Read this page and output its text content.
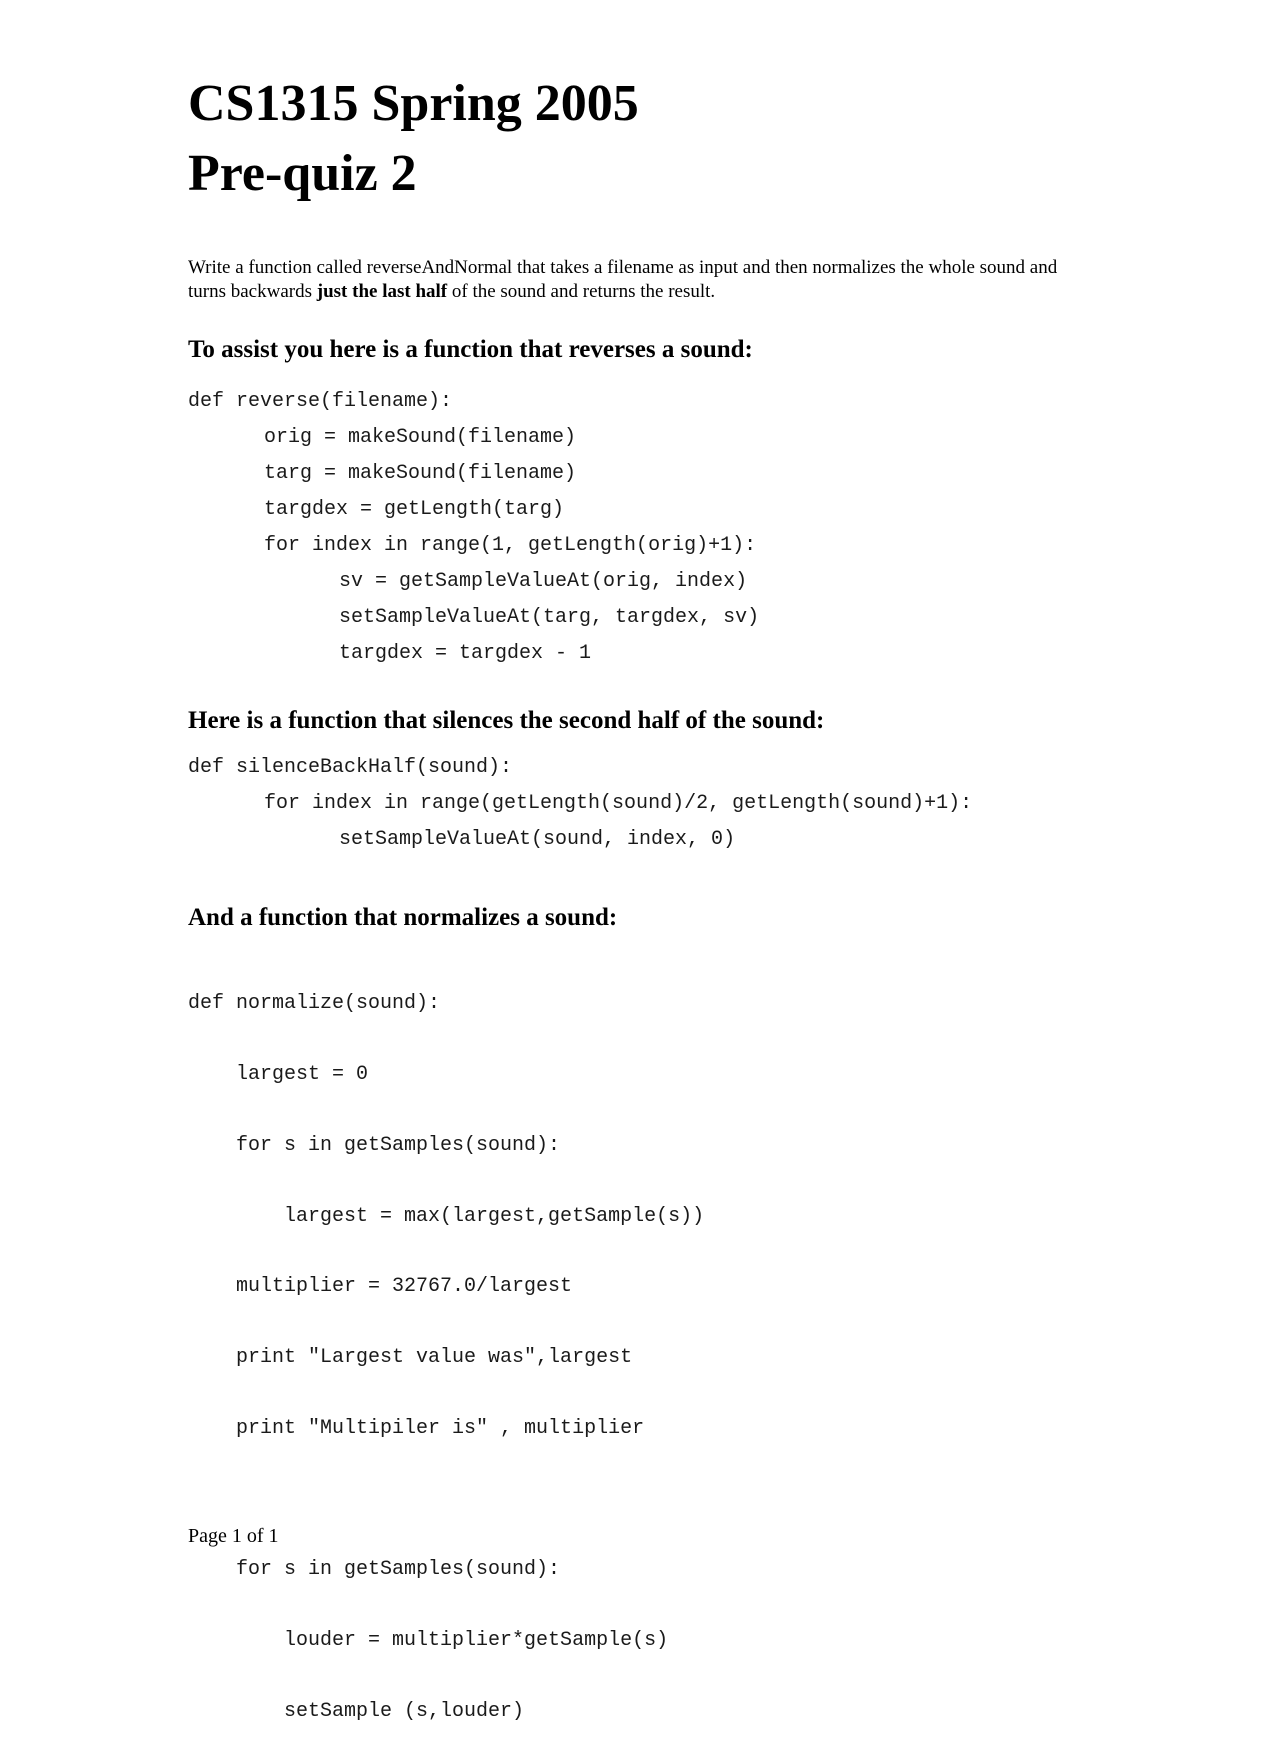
CS1315 Spring 2005
Pre-quiz 2

Write a function called reverseAndNormal that takes a filename as input and then normalizes the whole sound and turns backwards just the last half of the sound and returns the result.

To assist you here is a function that reverses a sound:
def reverse(filename):
orig = makeSound(filename)
targ = makeSound(filename)
targdex = getLength(targ)
for index in range(1, getLength(orig)+1):
sv = getSampleValueAt(orig, index)
setSampleValueAt(targ, targdex, sv)
targdex = targdex - 1
Here is a function that silences the second half of the sound:
def silenceBackHalf(sound):
for index in range(getLength(sound)/2, getLength(sound)+1):
setSampleValueAt(sound, index, 0)
And a function that normalizes a sound:

def normalize(sound):

largest = 0

for s in getSamples(sound):

largest = max(largest,getSample(s))

multiplier = 32767.0/largest

print "Largest value was",largest

print "Multipiler is" , multiplier

for s in getSamples(sound):

louder = multiplier*getSample(s)

setSample (s,louder)

Page 1 of 1
